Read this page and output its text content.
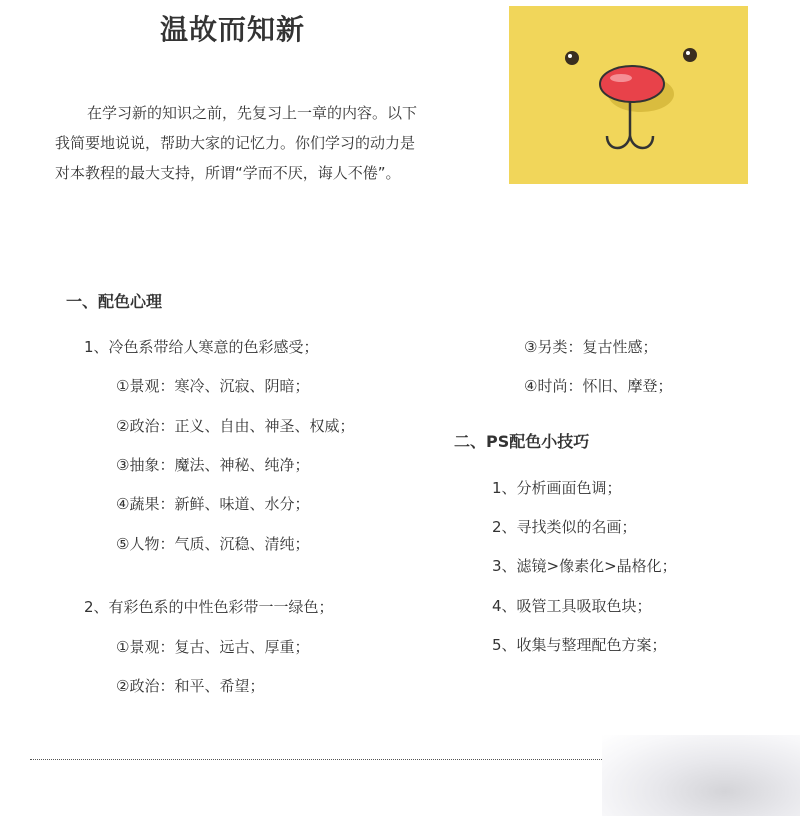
温故而知新
在学习新的知识之前，先复习上一章的内容。以下
我简要地说说，帮助大家的记忆力。你们学习的动力是
对本教程的最大支持，所谓“学而不厌，诲人不倦”。
一、配色心理
1、冷色系带给人寒意的色彩感受；
①景观：寒冷、沉寂、阴暗；
②政治：正义、自由、神圣、权威；
③抽象：魔法、神秘、纯净；
④蔬果：新鲜、味道、水分；
⑤人物：气质、沉稳、清纯；
2、有彩色系的中性色彩带一一绿色；
①景观：复古、远古、厚重；
②政治：和平、希望；
③另类：复古性感；
④时尚：怀旧、摩登；
二、PS配色小技巧
1、分析画面色调；
2、寻找类似的名画；
3、滤镜>像素化>晶格化；
4、吸管工具吸取色块；
5、收集与整理配色方案；
